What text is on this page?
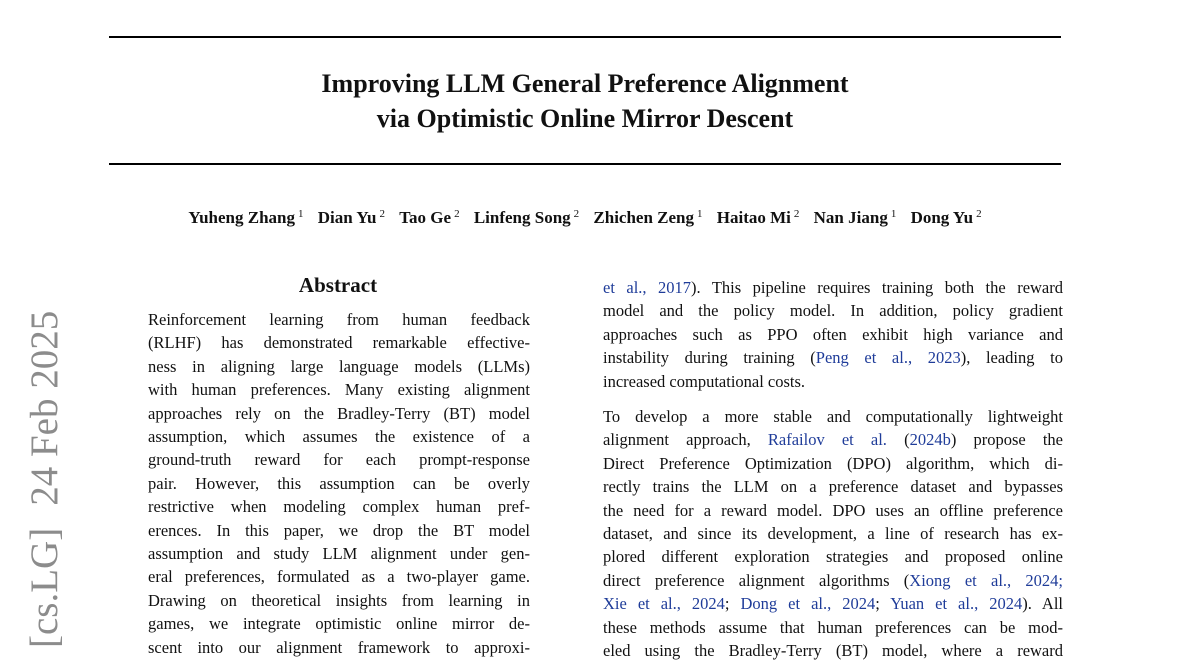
[cs.LG]24 Feb 2025
Improving LLM General Preference Alignment
via Optimistic Online Mirror Descent
Yuheng Zhang $^1$ Dian Yu $^2$ Tao Ge $^2$ Linfeng Song $^2$ Zhichen Zeng $^1$ Haitao Mi $^2$ Nan Jiang $^1$ Dong Yu $^2$
Abstract
Reinforcement learning from human feedback
(RLHF) has demonstrated remarkable effective-
ness in aligning large language models (LLMs)
with human preferences. Many existing alignment
approaches rely on the Bradley-Terry (BT) model
assumption, which assumes the existence of a
ground-truth reward for each prompt-response
pair. However, this assumption can be overly
restrictive when modeling complex human pref-
erences. In this paper, we drop the BT model
assumption and study LLM alignment under gen-
eral preferences, formulated as a two-player game.
Drawing on theoretical insights from learning in
games, we integrate optimistic online mirror de-
scent into our alignment framework to approxi-
et al., 2017). This pipeline requires training both the reward
model and the policy model. In addition, policy gradient
approaches such as PPO often exhibit high variance and
instability during training (Peng et al., 2023), leading to
increased computational costs.
To develop a more stable and computationally lightweight
alignment approach, Rafailov et al. (2024b) propose the
Direct Preference Optimization (DPO) algorithm, which di-
rectly trains the LLM on a preference dataset and bypasses
the need for a reward model. DPO uses an offline preference
dataset, and since its development, a line of research has ex-
plored different exploration strategies and proposed online
direct preference alignment algorithms (Xiong et al., 2024;
Xie et al., 2024; Dong et al., 2024; Yuan et al., 2024). All
these methods assume that human preferences can be mod-
eled using the Bradley-Terry (BT) model, where a reward
